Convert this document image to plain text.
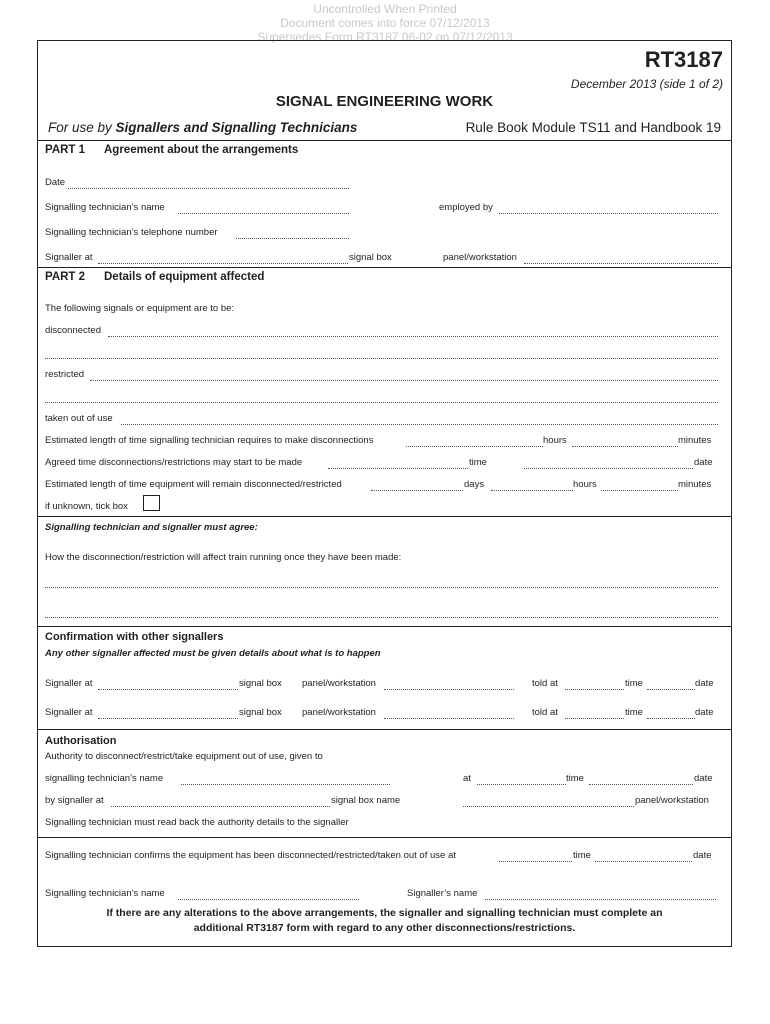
Uncontrolled When Printed
Document comes into force 07/12/2013
Supersedes Form RT3187 06-02 on 07/12/2013
RT3187
December 2013 (side 1 of 2)
SIGNAL ENGINEERING WORK
For use by Signallers and Signalling Technicians	Rule Book Module TS11 and Handbook 19
PART 1 Agreement about the arrangements
Date
Signalling technician’s name	employed by
Signalling technician’s telephone number
Signaller at	signal box	panel/workstation
PART 2 Details of equipment affected
The following signals or equipment are to be:
disconnected
restricted
taken out of use
Estimated length of time signalling technician requires to make disconnections	hours	minutes
Agreed time disconnections/restrictions may start to be made	time	date
Estimated length of time equipment will remain disconnected/restricted	days	hours	minutes
if unknown, tick box
Signalling technician and signaller must agree:
How the disconnection/restriction will affect train running once they have been made:
Confirmation with other signallers
Any other signaller affected must be given details about what is to happen
Signaller at	signal box panel/workstation	told at	time	date
Signaller at	signal box panel/workstation	told at	time	date
Authorisation
Authority to disconnect/restrict/take equipment out of use, given to
signalling technician’s name	at	time	date
by signaller at	signal box name	panel/workstation
Signalling technician must read back the authority details to the signaller
Signalling technician confirms the equipment has been disconnected/restricted/taken out of use at	time	date
Signalling technician’s name	Signaller’s name
If there are any alterations to the above arrangements, the signaller and signalling technician must complete an
additional RT3187 form with regard to any other disconnections/restrictions.
